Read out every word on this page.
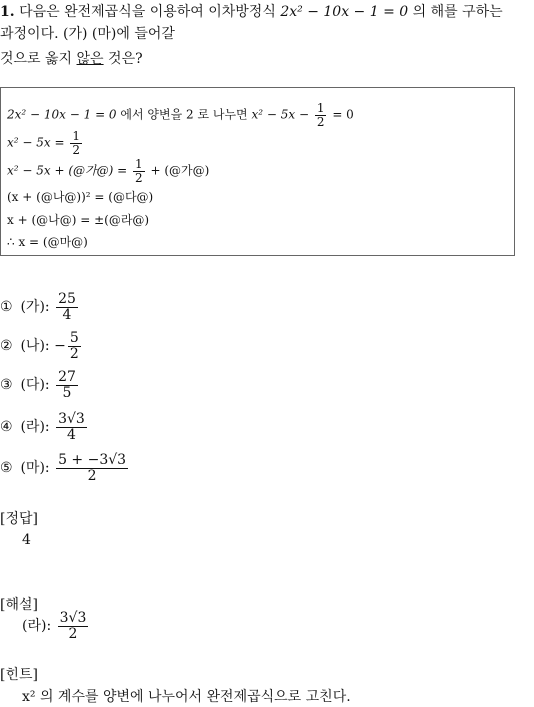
1. 다음은 완전제곱식을 이용하여 이차방정식 2x² − 10x − 1 = 0 의 해를 구하는
과정이다. (가) (마)에 들어갈
것으로 옳지 않은 것은?
2x² − 10x − 1 = 0 에서 양변을 2 로 나누면 $x^2 - 5x - \frac{1}{2} = 0$
$x^2 - 5x = \frac{1}{2}$
x² − 5x + (@가@) = $\frac{1}{2}$ + (@가@)
(x + (@나@))² = (@다@)
x + (@나@) = ±(@라@)
∴ x = (@마@)
① (가): $\frac{25}{4}$
② (나): − $\frac{5}{2}$
③ (다): $\frac{27}{5}$
④ (라): $\frac{3√3}{4}$
⑤ (마): $\frac{5 + -3√3}{2}$
[정답]
4
[해설]
(라): $\frac{3√3}{2}$
[힌트]
x² 의 계수를 양변에 나누어서 완전제곱식으로 고친다.
